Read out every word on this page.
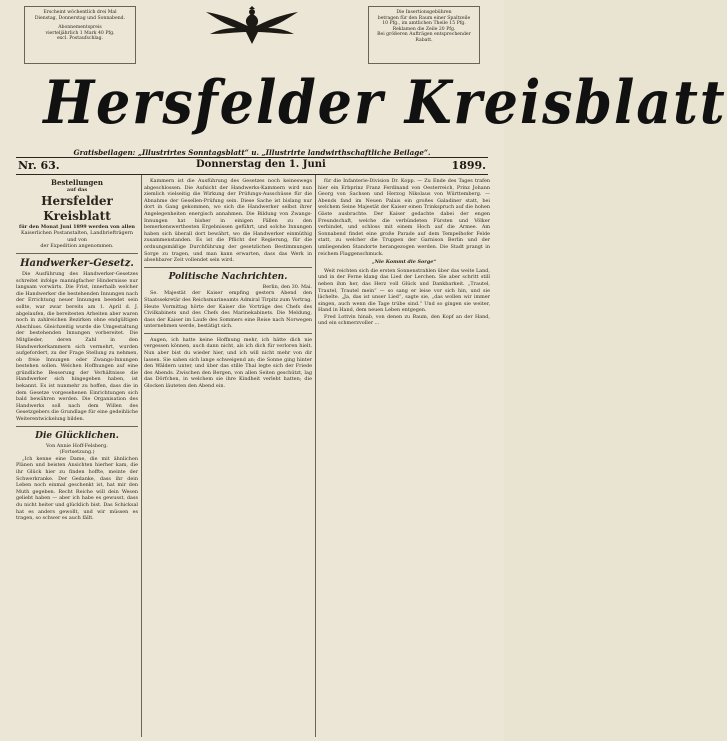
Erscheint wöchentlich drei Mal
Dienstag, Donnerstag und Sonnabend.
Abonnementspreis
vierteljährlich 1 Mark 40 Pfg.
excl. Postaufschlag.
Die Insertionsgebühren
betragen für den Raum einer Spaltzeile
10 Pfg., im amtlichen Theile 15 Pfg.
Reklamen die Zeile 20 Pfg.
Bei größeren Aufträgen entsprechender
Rabatt.
Hersfelder Kreisblatt
Gratisbeilagen: „Illustrirtes Sonntagsblatt“ u. „Illustrirte landwirthschaftliche Beilage“.
Nr. 63.	Donnerstag den 1. Juni	1899.
Bestellungen
auf das
Hersfelder Kreisblatt
für den Monat Juni 1899 werden von allen
Kaiserlichen Postanstalten, Landbriefträgern und von
der Expedition angenommen.
Handwerker-Gesetz.

Die Ausführung des Handwerker-Gesetzes schreitet infolge mannigfacher Hindernisse nur langsam vorwärts. Die Frist, innerhalb welcher die Handwerker die bestehenden Innungen nach der Errichtung neuer Innungen beendet sein sollte, war zwar bereits am 1. April d. J. abgelaufen, die bereitesten Arbeiten aber waren noch in zahlreichen Bezirken ohne endgültigen Abschluss. Gleichzeitig wurde die Umgestaltung der bestehenden Innungen vorbereitet. Die Mitglieder, deren Zahl in den Handwerkerkammern sich vermehrt, wurden aufgefordert, zu der Frage Stellung zu nehmen, ob freie Innungen oder Zwangs-Innungen bestehen sollen. Welchen Hoffnungen auf eine gründliche Besserung der Verhältnisse die Handwerker sich hingegeben haben, ist bekannt. Es ist nunmehr zu hoffen, dass die in dem Gesetze vorgesehenen Einrichtungen sich bald bewähren werden. Die Organisation des Handwerks soll nach dem Willen des Gesetzgebers die Grundlage für eine gedeihliche Weiterentwickelung bilden.

Die Glücklichen.
Von Annie Hoff-Felsberg.
(Fortsetzung.)

„Ich kenne eine Dame, die mit ähnlichen Plänen und beisten Ansichten hierher kam, die ihr Glück hier zu finden hoffte, meinte der Schwerkranke. Der Gedanke, dass ihr dein Leben noch einmal geschenkt ist, hat mir den Muth gegeben. Recht Reiche will dein Wesen geliebt haben — aber ich habe es gewusst, dass du nicht heiter und glücklich bist. Das Schicksal hat es anders gewollt, und wir müssen es tragen, so schwer es auch fällt.

Kammern ist die Ausführung des Gesetzes noch keineswegs abgeschlossen. Die Aufsicht der Handwerks-Kammern wird nun ziemlich vielseitig die Wirkung der Prüfungs-Ausschüsse für die Abnahme der Gesellen-Prüfung sein. Diese Sache ist bislang nur dort in Gang gekommen, wo sich die Handwerker selbst ihrer Angelegenheiten energisch annahmen. Die Bildung von Zwangs-Innungen hat bisher in einigen Fällen zu den bemerkenswerthesten Ergebnissen geführt, und solche Innungen haben sich überall dort bewährt, wo die Handwerker einmüthig zusammenstanden. Es ist die Pflicht der Regierung, für die ordnungsmäßige Durchführung der gesetzlichen Bestimmungen Sorge zu tragen, und man kann erwarten, dass das Werk in absehbarer Zeit vollendet sein wird.

Politische Nachrichten.
Berlin, den 30. Mai.

Se. Majestät der Kaiser empfing gestern Abend den Staatssekretär des Reichsmarineamts Admiral Tirpitz zum Vortrag. Heute Vormittag hörte der Kaiser die Vorträge des Chefs des Civilkabinets und des Chefs des Marinekabinets. Die Meldung, dass der Kaiser im Laufe des Sommers eine Reise nach Norwegen unternehmen werde, bestätigt sich.

Augen, ich hatte keine Hoffnung mehr, ich hätte dich nie vergessen können, auch dann nicht, als ich dich für verloren hielt. Nun aber bist du wieder hier, und ich will nicht mehr von dir lassen. Sie sahen sich lange schweigend an; die Sonne ging hinter den Wäldern unter, und über das stille Thal legte sich der Friede des Abends. Zwischen den Bergen, von allen Seiten geschützt, lag das Dörfchen, in welchem sie ihre Kindheit verlebt hatten; die Glocken läuteten den Abend ein.

für die Infanterie-Division Dr. Kopp. — Zu Ende des Tages trafen hier ein Erbprinz Franz Ferdinand von Oesterreich, Prinz Johann Georg von Sachsen und Herzog Nikolaus von Württemberg. — Abends fand im Neuen Palais ein großes Galadiner statt, bei welchem Seine Majestät der Kaiser einen Trinkspruch auf die hohen Gäste ausbrachte. Der Kaiser gedachte dabei der engen Freundschaft, welche die verbündeten Fürsten und Völker verbindet, und schloss mit einem Hoch auf die Armee. Am Sonnabend findet eine große Parade auf dem Tempelhofer Felde statt, zu welcher die Truppen der Garnison Berlin und der umliegenden Standorte herangezogen werden. Die Stadt prangt in reichem Flaggenschmuck.

„Nie Kommt die Sorge“

Weit reichten sich die ersten Sonnenstrahlen über das weite Land, und in der Ferne klang das Lied der Lerchen. Sie aber schritt still neben ihm her, das Herz voll Glück und Dankbarkeit. „Trautel, Trautel, Trautel mein“ — so sang er leise vor sich hin, und sie lächelte. „Ja, das ist unser Lied“, sagte sie, „das wollen wir immer singen, auch wenn die Tage trübe sind.“ Und so gingen sie weiter, Hand in Hand, dem neuen Leben entgegen.

Fred Lottvin hinab, von denen zu Baum, den Kopf an der Hand, und ein schmerzvoller ...
